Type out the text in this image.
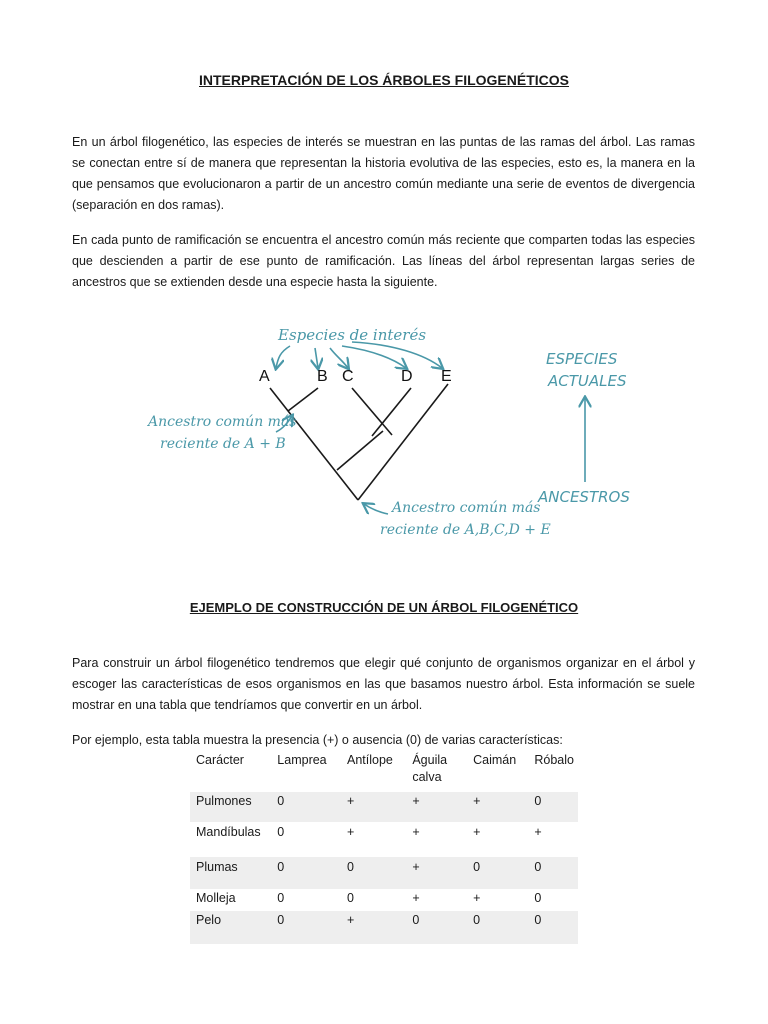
INTERPRETACIÓN DE LOS ÁRBOLES FILOGENÉTICOS

En un árbol filogenético, las especies de interés se muestran en las puntas de las ramas del árbol. Las ramas se conectan entre sí de manera que representan la historia evolutiva de las especies, esto es, la manera en la que pensamos que evolucionaron a partir de un ancestro común mediante una serie de eventos de divergencia (separación en dos ramas).

En cada punto de ramificación se encuentra el ancestro común más reciente que comparten todas las especies que descienden a partir de ese punto de ramificación. Las líneas del árbol representan largas series de ancestros que se extienden desde una especie hasta la siguiente.

Especies de interés
A	B C	D E
Ancestro común más
reciente de A + B
Ancestro común más
reciente de A,B,C,D + E
ESPECIES
ACTUALES
ANCESTROS
EJEMPLO DE CONSTRUCCIÓN DE UN ÁRBOL FILOGENÉTICO

Para construir un árbol filogenético tendremos que elegir qué conjunto de organismos organizar en el árbol y escoger las características de esos organismos en las que basamos nuestro árbol. Esta información se suele mostrar en una tabla que tendríamos que convertir en un árbol.

Por ejemplo, esta tabla muestra la presencia (+) o ausencia (0) de varias características:

Carácter	Lamprea	Antílope	Águila calva	Caimán	Róbalo
Pulmones	0	+	+	+	0
Mandíbulas	0	+	+	+	+
Plumas	0	0	+	0	0
Molleja	0	0	+	+	0
Pelo	0	+	0	0	0
